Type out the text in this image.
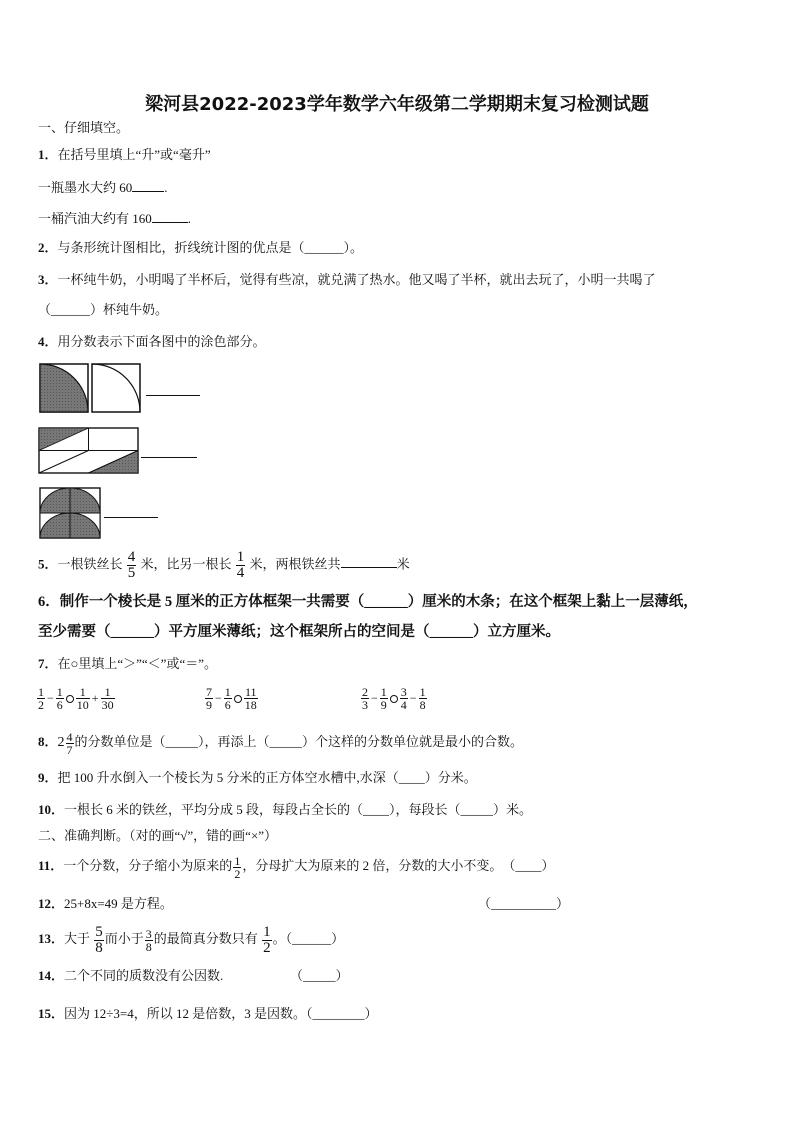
梁河县2022-2023学年数学六年级第二学期期末复习检测试题
一、仔细填空。
1．在括号里填上“升”或“毫升”
一瓶墨水大约 60 .
一桶汽油大约有 160	.
2．与条形统计图相比，折线统计图的优点是（______）。
3．一杯纯牛奶，小明喝了半杯后，觉得有些凉，就兑满了热水。他又喝了半杯，就出去玩了，小明一共喝了
（______）杯纯牛奶。
4．用分数表示下面各图中的涂色部分。
5．一根铁丝长 $\frac{4}{5}$ 米，比另一根长 $\frac{1}{4}$ 米，两根铁丝共	米
6．制作一个棱长是 5 厘米的正方体框架一共需要（______）厘米的木条；在这个框架上黏上一层薄纸，
至少需要（______）平方厘米薄纸；这个框架所占的空间是（______）立方厘米。
7．在○里填上“＞”“＜”或“＝”。
$\frac{1}{2} - \frac{1}{6} \frac{1}{10} + \frac{1}{30}$	$\frac{7}{9} - \frac{1}{6} \frac{11}{18}$	$\frac{2}{3} - \frac{1}{9} \frac{3}{4} - \frac{1}{8}$
8．$2 \frac{4}{7}$ 的分数单位是（_____），再添上（_____）个这样的分数单位就是最小的合数。
9．把 100 升水倒入一个棱长为 5 分米的正方体空水槽中,水深（____）分米。
10．一根长 6 米的铁丝，平均分成 5 段，每段占全长的（____），每段长（_____）米。
二、准确判断。（对的画“√”，错的画“×”）
11．一个分数，分子缩小为原来的 $\frac{1}{2}$ ，分母扩大为原来的 2 倍，分数的大小不变。　（____）
12．25+8x=49 是方程。	（__________）
13．大于 $\frac{5}{8}$ 而小于 $\frac{3}{8}$ 的最简真分数只有 $\frac{1}{2}$ 。（______）
14．二个不同的质数没有公因数.	（_____）
15．因为 12÷3=4，所以 12 是倍数，3 是因数。（________）
